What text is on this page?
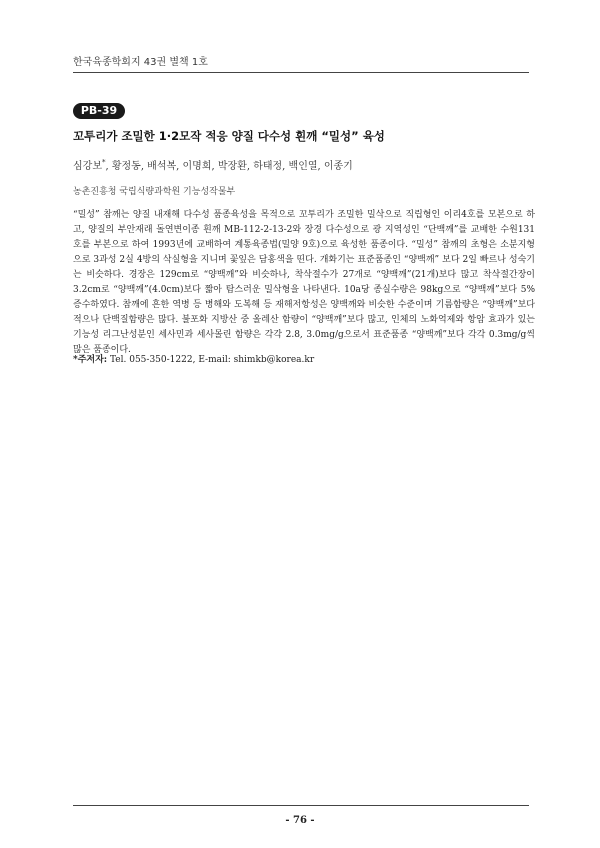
한국육종학회지 43권 별책 1호
PB-39
꼬투리가 조밀한 1·2모작 적응 양질 다수성 흰깨 “밀성” 육성
심강보*, 황정동, 배석복, 이명희, 박장환, 하태정, 백인열, 이종기
농촌진흥청 국립식량과학원 기능성작물부
“밀성” 참깨는 양질 내재해 다수성 품종육성을 목적으로 꼬투리가 조밀한 밀삭으로 직립형인 이리4호를 모본으로 하고, 양질의 부안재래 돌연변이종 흰깨 MB-112-2-13-2와 장경 다수성으로 광 지역성인 “단백깨”를 교배한 수원131호를 부본으로 하여 1993년에 교배하여 계통육종법(밀양 9호)으로 육성한 품종이다. “밀성” 참깨의 초형은 소분지형으로 3과성 2실 4방의 삭실형을 지니며 꽃잎은 담홍색을 띤다. 개화기는 표준품종인 “양백깨” 보다 2일 빠르나 성숙기는 비슷하다. 경장은 129cm로 “양백깨”와 비슷하나, 착삭절수가 27개로 “양백깨”(21개)보다 많고 착삭절간장이 3.2cm로 “양백깨”(4.0cm)보다 짧아 탐스러운 밀삭형을 나타낸다. 10a당 종실수량은 98kg으로 “양백깨”보다 5% 증수하였다. 참깨에 흔한 역병 등 병해와 도복해 등 재해저항성은 양백깨와 비슷한 수준이며 기름함량은 “양백깨”보다 적으나 단백질함량은 많다. 불포화 지방산 중 올레산 함량이 “양백깨”보다 많고, 인체의 노화억제와 항암 효과가 있는 기능성 리그난성분인 세사민과 세사몰린 함량은 각각 2.8, 3.0mg/g으로서 표준품종 “양백깨”보다 각각 0.3mg/g씩 많은 품종이다.
*주저자: Tel. 055-350-1222, E-mail: shimkb@korea.kr
- 76 -
